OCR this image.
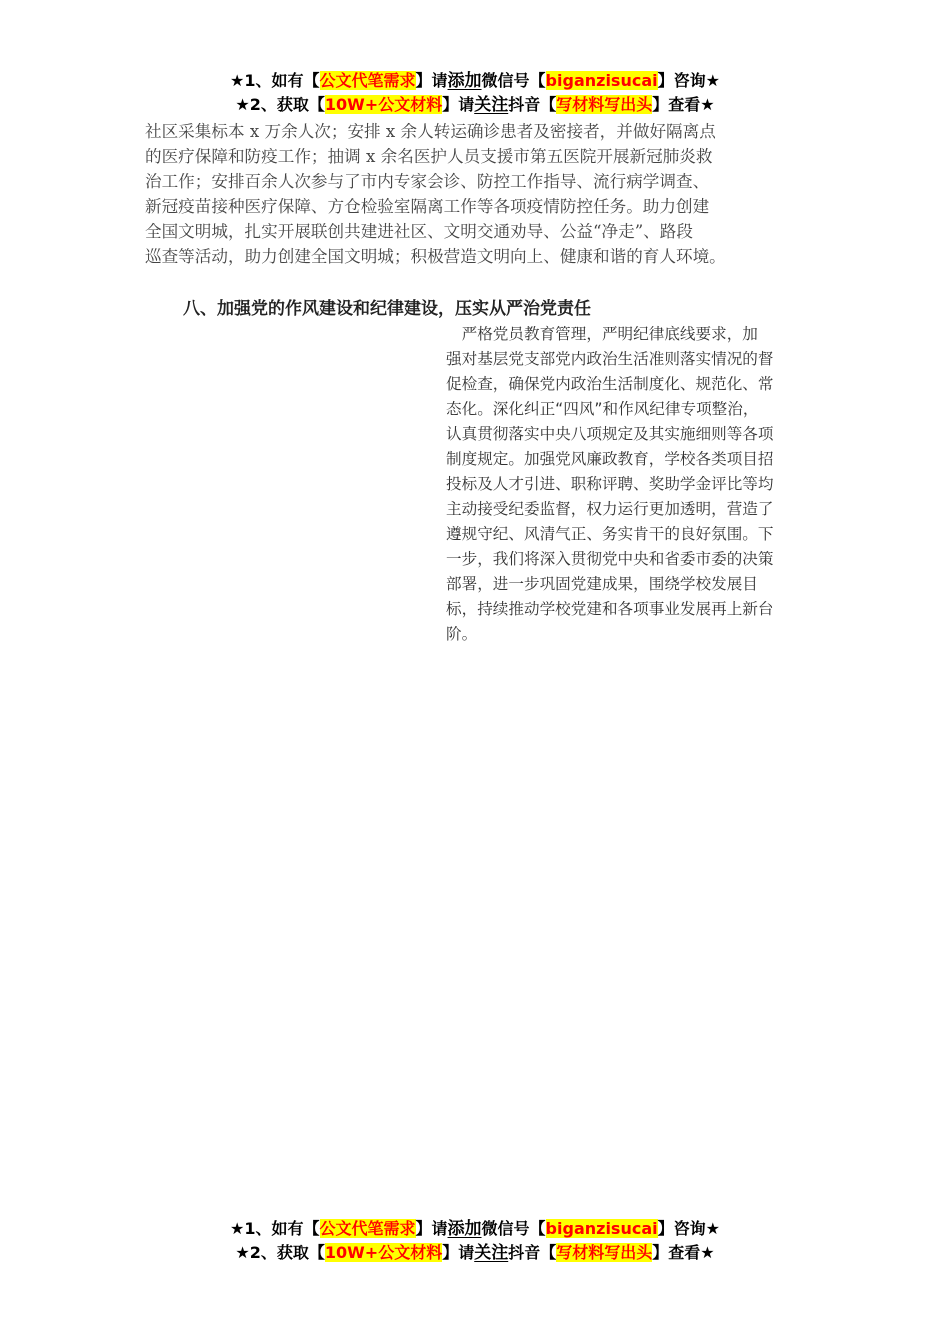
★1、如有【公文代笔需求】请添加微信号【biganzisucai】咨询★
★2、获取【10W+公文材料】请关注抖音【写材料写出头】查看★
社区采集标本 x 万余人次；安排 x 余人转运确诊患者及密接者，并做好隔离点
的医疗保障和防疫工作；抽调 x 余名医护人员支援市第五医院开展新冠肺炎救
治工作；安排百余人次参与了市内专家会诊、防控工作指导、流行病学调查、
新冠疫苗接种医疗保障、方仓检验室隔离工作等各项疫情防控任务。助力创建
全国文明城，扎实开展联创共建进社区、文明交通劝导、公益“净走”、路段
巡查等活动，助力创建全国文明城；积极营造文明向上、健康和谐的育人环境。
八、加强党的作风建设和纪律建设，压实从严治党责任
　严格党员教育管理，严明纪律底线要求，加
强对基层党支部党内政治生活准则落实情况的督
促检查，确保党内政治生活制度化、规范化、常
态化。深化纠正“四风”和作风纪律专项整治，
认真贯彻落实中央八项规定及其实施细则等各项
制度规定。加强党风廉政教育，学校各类项目招
投标及人才引进、职称评聘、奖助学金评比等均
主动接受纪委监督，权力运行更加透明，营造了
遵规守纪、风清气正、务实肯干的良好氛围。下
一步，我们将深入贯彻党中央和省委市委的决策
部署，进一步巩固党建成果，围绕学校发展目
标，持续推动学校党建和各项事业发展再上新台
阶。
★1、如有【公文代笔需求】请添加微信号【biganzisucai】咨询★
★2、获取【10W+公文材料】请关注抖音【写材料写出头】查看★
